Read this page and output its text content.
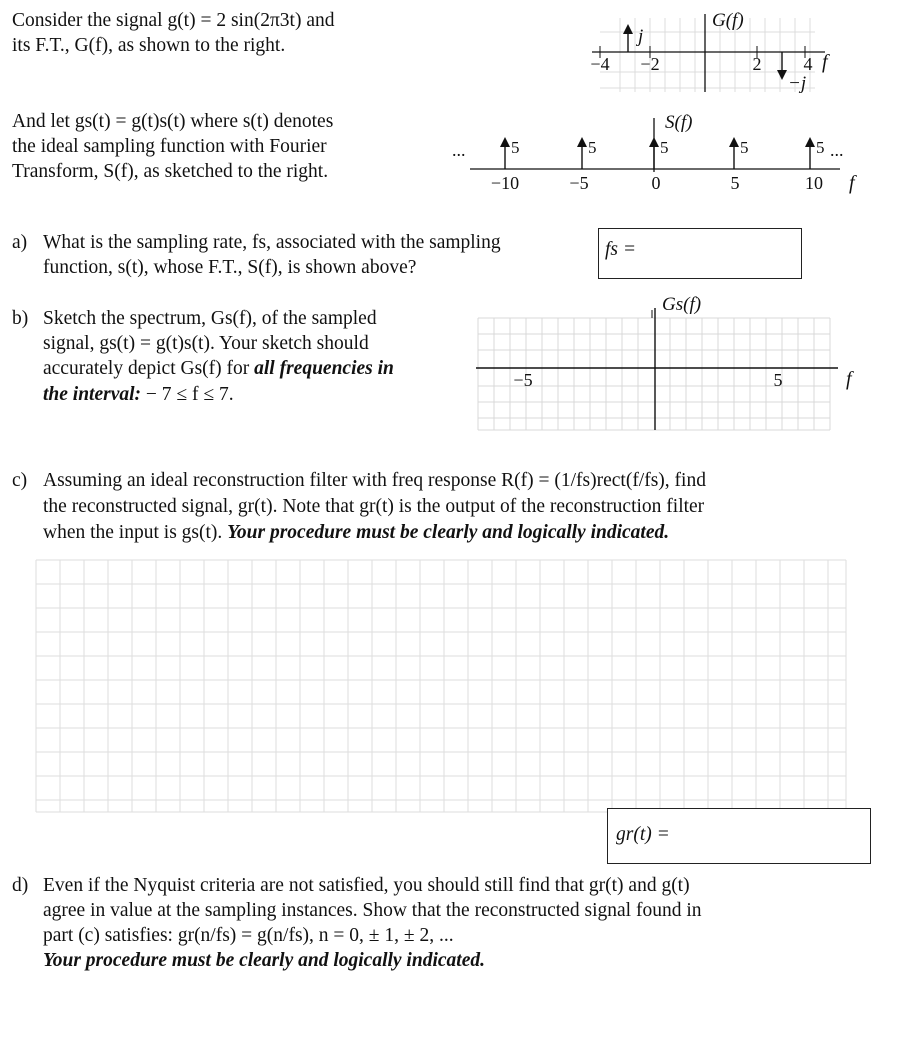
Consider the signal g(t) = 2 sin(2π3t) and
its F.T., G(f), as shown to the right.	j
−j
G(f)
−4 −2	2 4 f
And let gs(t) = g(t)s(t) where s(t) denotes
the ideal sampling function with Fourier
Transform, S(f), as sketched to the right.
...	...
5	5	5	5	5
S(f)
−10	−5	0	5	10 f
a) What is the sampling rate, fs, associated with the sampling
function, s(t), whose F.T., S(f), is shown above?
fs =
b) Sketch the spectrum, Gs(f), of the sampled
signal, gs(t) = g(t)s(t). Your sketch should
accurately depict Gs(f) for all frequencies in
the interval: − 7 ≤ f ≤ 7.
Gs(f)
−5	5	f
c) Assuming an ideal reconstruction filter with freq response R(f) = (1/fs)rect(f/fs), find
the reconstructed signal, gr(t). Note that gr(t) is the output of the reconstruction filter
when the input is gs(t). Your procedure must be clearly and logically indicated.
gr(t) =
d) Even if the Nyquist criteria are not satisfied, you should still find that gr(t) and g(t)
agree in value at the sampling instances. Show that the reconstructed signal found in
part (c) satisfies: gr(n/fs) = g(n/fs), n = 0, ± 1, ± 2, ...
Your procedure must be clearly and logically indicated.
